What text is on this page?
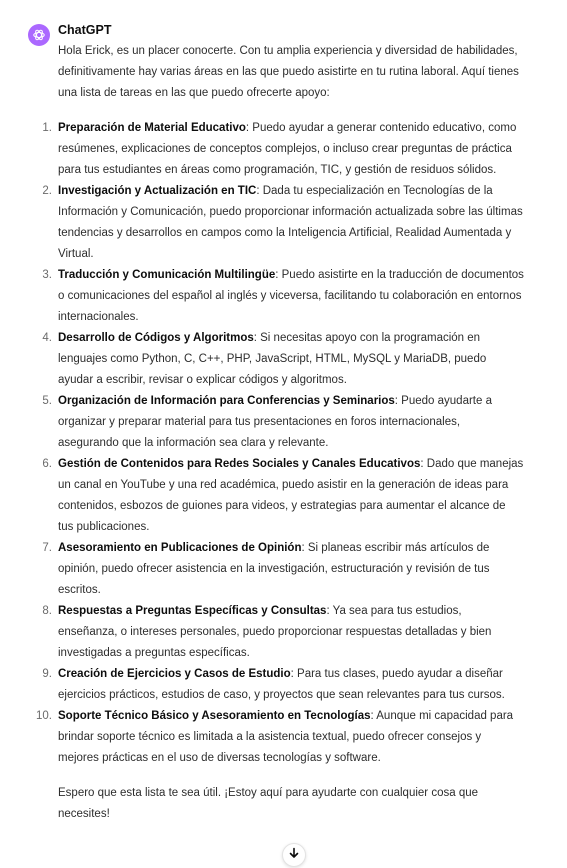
ChatGPT

Hola Erick, es un placer conocerte. Con tu amplia experiencia y diversidad de habilidades, definitivamente hay varias áreas en las que puedo asistirte en tu rutina laboral. Aquí tienes una lista de tareas en las que puedo ofrecerte apoyo:

1. Preparación de Material Educativo: Puedo ayudar a generar contenido educativo, como resúmenes, explicaciones de conceptos complejos, o incluso crear preguntas de práctica para tus estudiantes en áreas como programación, TIC, y gestión de residuos sólidos.
2. Investigación y Actualización en TIC: Dada tu especialización en Tecnologías de la Información y Comunicación, puedo proporcionar información actualizada sobre las últimas tendencias y desarrollos en campos como la Inteligencia Artificial, Realidad Aumentada y Virtual.
3. Traducción y Comunicación Multilingüe: Puedo asistirte en la traducción de documentos o comunicaciones del español al inglés y viceversa, facilitando tu colaboración en entornos internacionales.
4. Desarrollo de Códigos y Algoritmos: Si necesitas apoyo con la programación en lenguajes como Python, C, C++, PHP, JavaScript, HTML, MySQL y MariaDB, puedo ayudar a escribir, revisar o explicar códigos y algoritmos.
5. Organización de Información para Conferencias y Seminarios: Puedo ayudarte a organizar y preparar material para tus presentaciones en foros internacionales, asegurando que la información sea clara y relevante.
6. Gestión de Contenidos para Redes Sociales y Canales Educativos: Dado que manejas un canal en YouTube y una red académica, puedo asistir en la generación de ideas para contenidos, esbozos de guiones para videos, y estrategias para aumentar el alcance de tus publicaciones.
7. Asesoramiento en Publicaciones de Opinión: Si planeas escribir más artículos de opinión, puedo ofrecer asistencia en la investigación, estructuración y revisión de tus escritos.
8. Respuestas a Preguntas Específicas y Consultas: Ya sea para tus estudios, enseñanza, o intereses personales, puedo proporcionar respuestas detalladas y bien investigadas a preguntas específicas.
9. Creación de Ejercicios y Casos de Estudio: Para tus clases, puedo ayudar a diseñar ejercicios prácticos, estudios de caso, y proyectos que sean relevantes para tus cursos.
10. Soporte Técnico Básico y Asesoramiento en Tecnologías: Aunque mi capacidad para brindar soporte técnico es limitada a la asistencia textual, puedo ofrecer consejos y mejores prácticas en el uso de diversas tecnologías y software.

Espero que esta lista te sea útil. ¡Estoy aquí para ayudarte con cualquier cosa que necesites!
